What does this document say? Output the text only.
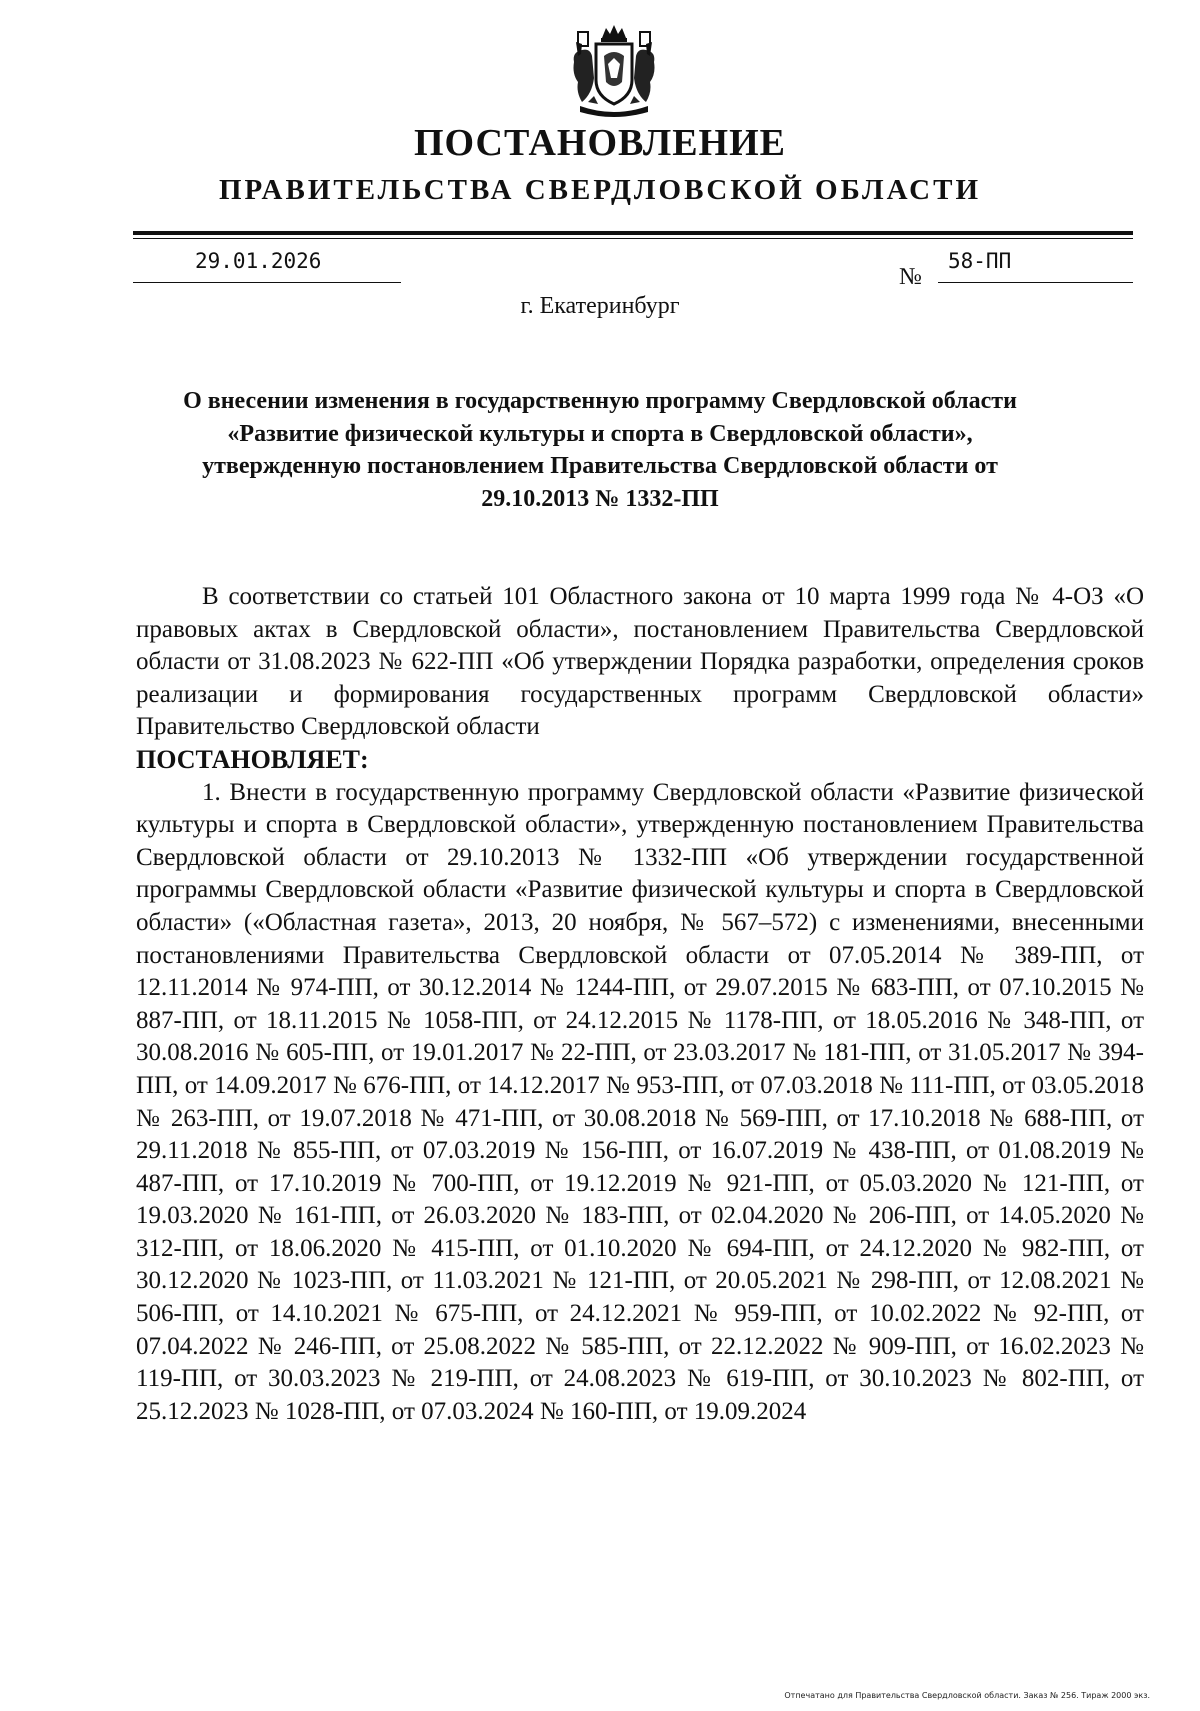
ПОСТАНОВЛЕНИЕ
ПРАВИТЕЛЬСТВА СВЕРДЛОВСКОЙ ОБЛАСТИ
29.01.2026
№
58-ПП
г. Екатеринбург

О внесении изменения в государственную программу Свердловской области «Развитие физической культуры и спорта в Свердловской области», утвержденную постановлением Правительства Свердловской области от 29.10.2013 № 1332-ПП

В соответствии со статьей 101 Областного закона от 10 марта 1999 года № 4-ОЗ «О правовых актах в Свердловской области», постановлением Правительства Свердловской области от 31.08.2023 № 622-ПП «Об утверждении Порядка разработки, определения сроков реализации и формирования государственных программ Свердловской области» Правительство Свердловской области

ПОСТАНОВЛЯЕТ:

1. Внести в государственную программу Свердловской области «Развитие физической культуры и спорта в Свердловской области», утвержденную постановлением Правительства Свердловской области от 29.10.2013 № 1332-ПП «Об утверждении государственной программы Свердловской области «Развитие физической культуры и спорта в Свердловской области» («Областная газета», 2013, 20 ноября, № 567–572) с изменениями, внесенными постановлениями Правительства Свердловской области от 07.05.2014 № 389-ПП, от 12.11.2014 № 974-ПП, от 30.12.2014 № 1244-ПП, от 29.07.2015 № 683-ПП, от 07.10.2015 № 887-ПП, от 18.11.2015 № 1058-ПП, от 24.12.2015 № 1178-ПП, от 18.05.2016 № 348-ПП, от 30.08.2016 № 605-ПП, от 19.01.2017 № 22-ПП, от 23.03.2017 № 181-ПП, от 31.05.2017 № 394-ПП, от 14.09.2017 № 676-ПП, от 14.12.2017 № 953-ПП, от 07.03.2018 № 111-ПП, от 03.05.2018 № 263-ПП, от 19.07.2018 № 471-ПП, от 30.08.2018 № 569-ПП, от 17.10.2018 № 688-ПП, от 29.11.2018 № 855-ПП, от 07.03.2019 № 156-ПП, от 16.07.2019 № 438-ПП, от 01.08.2019 № 487-ПП, от 17.10.2019 № 700-ПП, от 19.12.2019 № 921-ПП, от 05.03.2020 № 121-ПП, от 19.03.2020 № 161-ПП, от 26.03.2020 № 183-ПП, от 02.04.2020 № 206-ПП, от 14.05.2020 № 312-ПП, от 18.06.2020 № 415-ПП, от 01.10.2020 № 694-ПП, от 24.12.2020 № 982-ПП, от 30.12.2020 № 1023-ПП, от 11.03.2021 № 121-ПП, от 20.05.2021 № 298-ПП, от 12.08.2021 № 506-ПП, от 14.10.2021 № 675-ПП, от 24.12.2021 № 959-ПП, от 10.02.2022 № 92-ПП, от 07.04.2022 № 246-ПП, от 25.08.2022 № 585-ПП, от 22.12.2022 № 909-ПП, от 16.02.2023 № 119-ПП, от 30.03.2023 № 219-ПП, от 24.08.2023 № 619-ПП, от 30.10.2023 № 802-ПП, от 25.12.2023 № 1028-ПП, от 07.03.2024 № 160-ПП, от 19.09.2024

Отпечатано для Правительства Свердловской области. Заказ № 256. Тираж 2000 экз.
